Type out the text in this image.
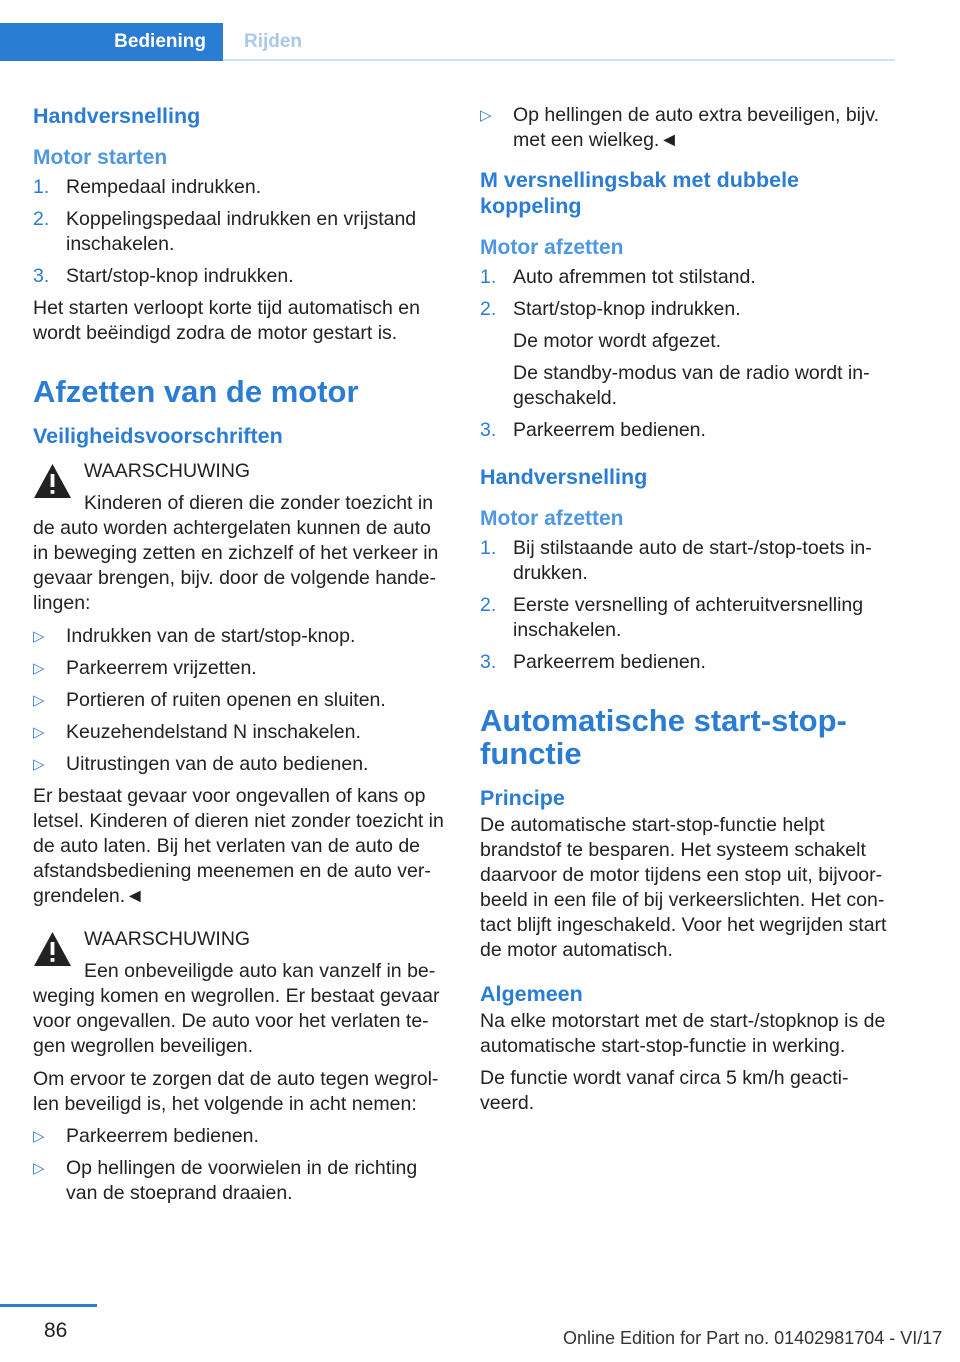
Bediening	Rijden
Handversnelling
Motor starten
1. Rempedaal indrukken.
2. Koppelingspedaal indrukken en vrijstand inschakelen.
3. Start/stop-knop indrukken.

Het starten verloopt korte tijd automatisch en wordt beëindigd zodra de motor gestart is.

Afzetten van de motor
Veiligheidsvoorschriften
WAARSCHUWING
Kinderen of dieren die zonder toezicht in
de auto worden achtergelaten kunnen de auto in beweging zetten en zichzelf of het verkeer in gevaar brengen, bijv. door de volgende handelingen:
▷ Indrukken van de start/stop-knop.
▷ Parkeerrem vrijzetten.
▷ Portieren of ruiten openen en sluiten.
▷ Keuzehendelstand N inschakelen.
▷ Uitrustingen van de auto bedienen.

Er bestaat gevaar voor ongevallen of kans op letsel. Kinderen of dieren niet zonder toezicht in de auto laten. Bij het verlaten van de auto de afstandsbediening meenemen en de auto vergrendelen.◄

WAARSCHUWING
Een onbeveiligde auto kan vanzelf in be‐
weging komen en wegrollen. Er bestaat gevaar voor ongevallen. De auto voor het verlaten tegen wegrollen beveiligen.

Om ervoor te zorgen dat de auto tegen wegrollen beveiligd is, het volgende in acht nemen:

▷ Parkeerrem bedienen.
▷ Op hellingen de voorwielen in de richting van de stoeprand draaien.
▷ Op hellingen de auto extra beveiligen, bijv. met een wielkeg.◄
M versnellingsbak met dubbele koppeling
Motor afzetten
1. Auto afremmen tot stilstand.
2. Start/stop-knop indrukken.
De motor wordt afgezet.
De standby-modus van de radio wordt ingeschakeld.
3. Parkeerrem bedienen.
Handversnelling
Motor afzetten
1. Bij stilstaande auto de start-/stop-toets indrukken.
2. Eerste versnelling of achteruitversnelling inschakelen.
3. Parkeerrem bedienen.
Automatische start-stop-functie
Principe

De automatische start-stop-functie helpt brandstof te besparen. Het systeem schakelt daarvoor de motor tijdens een stop uit, bijvoorbeeld in een file of bij verkeerslichten. Het contact blijft ingeschakeld. Voor het wegrijden start de motor automatisch.

Algemeen

Na elke motorstart met de start-/stopknop is de automatische start-stop-functie in werking.

De functie wordt vanaf circa 5 km/h geactiveerd.

86	Online Edition for Part no. 01402981704 - VI/17
